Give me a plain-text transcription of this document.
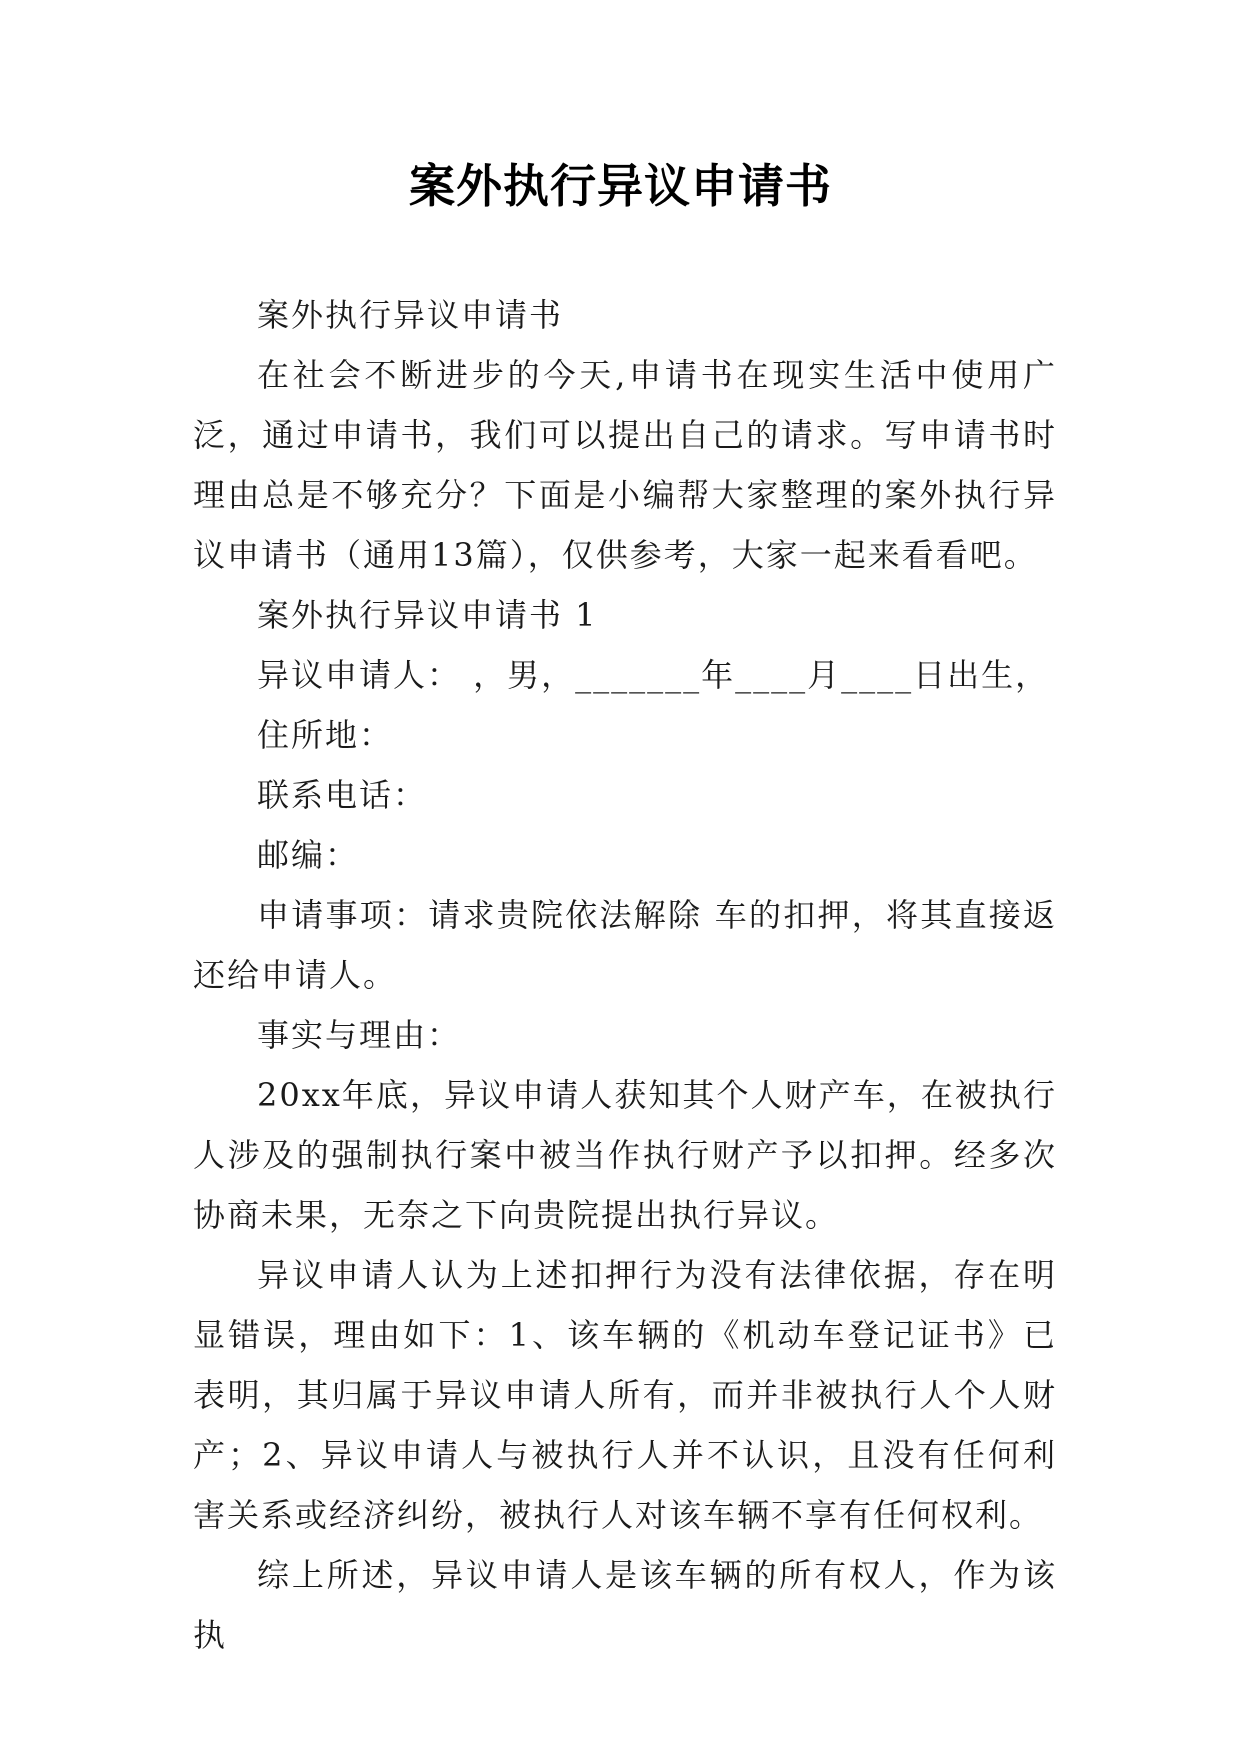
案外执行异议申请书

案外执行异议申请书

在社会不断进步的今天,申请书在现实生活中使用广泛，通过申请书，我们可以提出自己的请求。写申请书时理由总是不够充分？下面是小编帮大家整理的案外执行异议申请书（通用13篇），仅供参考，大家一起来看看吧。

案外执行异议申请书 1

异议申请人： ，男，_______年____月____日出生，

住所地：

联系电话：

邮编：

申请事项：请求贵院依法解除 车的扣押，将其直接返还给申请人。

事实与理由：

20xx年底，异议申请人获知其个人财产车，在被执行人涉及的强制执行案中被当作执行财产予以扣押。经多次协商未果，无奈之下向贵院提出执行异议。

异议申请人认为上述扣押行为没有法律依据，存在明显错误，理由如下：1、该车辆的《机动车登记证书》已表明，其归属于异议申请人所有，而并非被执行人个人财产；2、异议申请人与被执行人并不认识，且没有任何利害关系或经济纠纷，被执行人对该车辆不享有任何权利。

综上所述，异议申请人是该车辆的所有权人，作为该执
